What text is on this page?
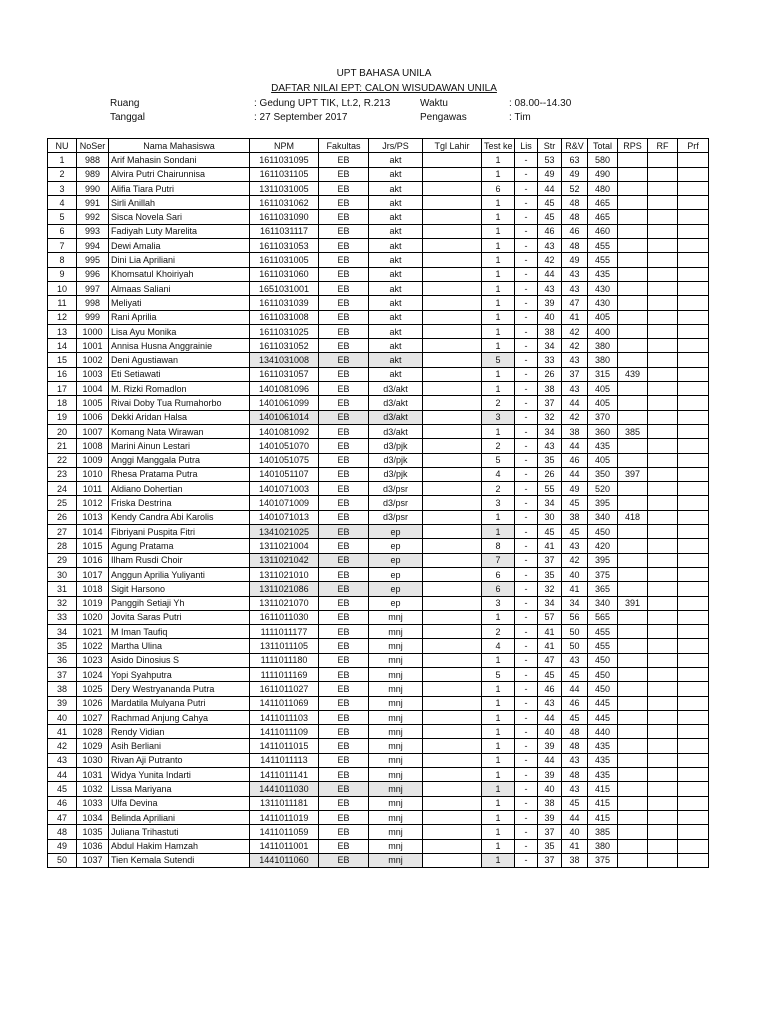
UPT BAHASA UNILA
DAFTAR NILAI EPT: CALON WISUDAWAN UNILA
Ruang	: Gedung UPT TIK, Lt.2, R.213	Waktu	: 08.00--14.30
Tanggal	: 27 September 2017	Pengawas	: Tim
NU	NoSer	Nama Mahasiswa	NPM	Fakultas	Jrs/PS	Tgl Lahir	Test ke	Lis	Str	R&V	Total	RPS	RF	Prf
1	988	Arif Mahasin Sondani	1611031095	EB	akt		1	-	53	63	580			
2	989	Alvira Putri Chairunnisa	1611031105	EB	akt		1	-	49	49	490			
3	990	Alifia Tiara Putri	1311031005	EB	akt		6	-	44	52	480			
4	991	Sirli Anillah	1611031062	EB	akt		1	-	45	48	465			
5	992	Sisca Novela Sari	1611031090	EB	akt		1	-	45	48	465			
6	993	Fadiyah Luty Marelita	1611031117	EB	akt		1	-	46	46	460			
7	994	Dewi Amalia	1611031053	EB	akt		1	-	43	48	455			
8	995	Dini Lia Apriliani	1611031005	EB	akt		1	-	42	49	455			
9	996	Khomsatul Khoiriyah	1611031060	EB	akt		1	-	44	43	435			
10	997	Almaas Saliani	1651031001	EB	akt		1	-	43	43	430			
11	998	Meliyati	1611031039	EB	akt		1	-	39	47	430			
12	999	Rani Aprilia	1611031008	EB	akt		1	-	40	41	405			
13	1000	Lisa Ayu Monika	1611031025	EB	akt		1	-	38	42	400			
14	1001	Annisa Husna Anggrainie	1611031052	EB	akt		1	-	34	42	380			
15	1002	Deni Agustiawan	1341031008	EB	akt		5	-	33	43	380			
16	1003	Eti Setiawati	1611031057	EB	akt		1	-	26	37	315	439		
17	1004	M. Rizki Romadlon	1401081096	EB	d3/akt		1	-	38	43	405			
18	1005	Rivai Doby Tua Rumahorbo	1401061099	EB	d3/akt		2	-	37	44	405			
19	1006	Dekki Aridan Halsa	1401061014	EB	d3/akt		3	-	32	42	370			
20	1007	Komang Nata Wirawan	1401081092	EB	d3/akt		1	-	34	38	360	385		
21	1008	Marini Ainun Lestari	1401051070	EB	d3/pjk		2	-	43	44	435			
22	1009	Anggi Manggala Putra	1401051075	EB	d3/pjk		5	-	35	46	405			
23	1010	Rhesa Pratama Putra	1401051107	EB	d3/pjk		4	-	26	44	350	397		
24	1011	Aldiano Dohertian	1401071003	EB	d3/psr		2	-	55	49	520			
25	1012	Friska Destrina	1401071009	EB	d3/psr		3	-	34	45	395			
26	1013	Kendy Candra Abi Karolis	1401071013	EB	d3/psr		1	-	30	38	340	418		
27	1014	Fibriyani Puspita Fitri	1341021025	EB	ep		1	-	45	45	450			
28	1015	Agung Pratama	1311021004	EB	ep		8	-	41	43	420			
29	1016	Ilham Rusdi Choir	1311021042	EB	ep		7	-	37	42	395			
30	1017	Anggun Aprilia Yuliyanti	1311021010	EB	ep		6	-	35	40	375			
31	1018	Sigit Harsono	1311021086	EB	ep		6	-	32	41	365			
32	1019	Panggih Setiaji Yh	1311021070	EB	ep		3	-	34	34	340	391		
33	1020	Jovita Saras Putri	1611011030	EB	mnj		1	-	57	56	565			
34	1021	M Iman Taufiq	1111011177	EB	mnj		2	-	41	50	455			
35	1022	Martha Ulina	1311011105	EB	mnj		4	-	41	50	455			
36	1023	Asido Dinosius S	1111011180	EB	mnj		1	-	47	43	450			
37	1024	Yopi Syahputra	1111011169	EB	mnj		5	-	45	45	450			
38	1025	Dery Westryananda Putra	1611011027	EB	mnj		1	-	46	44	450			
39	1026	Mardatila Mulyana Putri	1411011069	EB	mnj		1	-	43	46	445			
40	1027	Rachmad Anjung Cahya	1411011103	EB	mnj		1	-	44	45	445			
41	1028	Rendy Vidian	1411011109	EB	mnj		1	-	40	48	440			
42	1029	Asih Berliani	1411011015	EB	mnj		1	-	39	48	435			
43	1030	Rivan Aji Putranto	1411011113	EB	mnj		1	-	44	43	435			
44	1031	Widya Yunita Indarti	1411011141	EB	mnj		1	-	39	48	435			
45	1032	Lissa Mariyana	1441011030	EB	mnj		1	-	40	43	415			
46	1033	Ulfa Devina	1311011181	EB	mnj		1	-	38	45	415			
47	1034	Belinda Apriliani	1411011019	EB	mnj		1	-	39	44	415			
48	1035	Juliana Trihastuti	1411011059	EB	mnj		1	-	37	40	385			
49	1036	Abdul Hakim Hamzah	1411011001	EB	mnj		1	-	35	41	380			
50	1037	Tien Kemala Sutendi	1441011060	EB	mnj		1	-	37	38	375			
